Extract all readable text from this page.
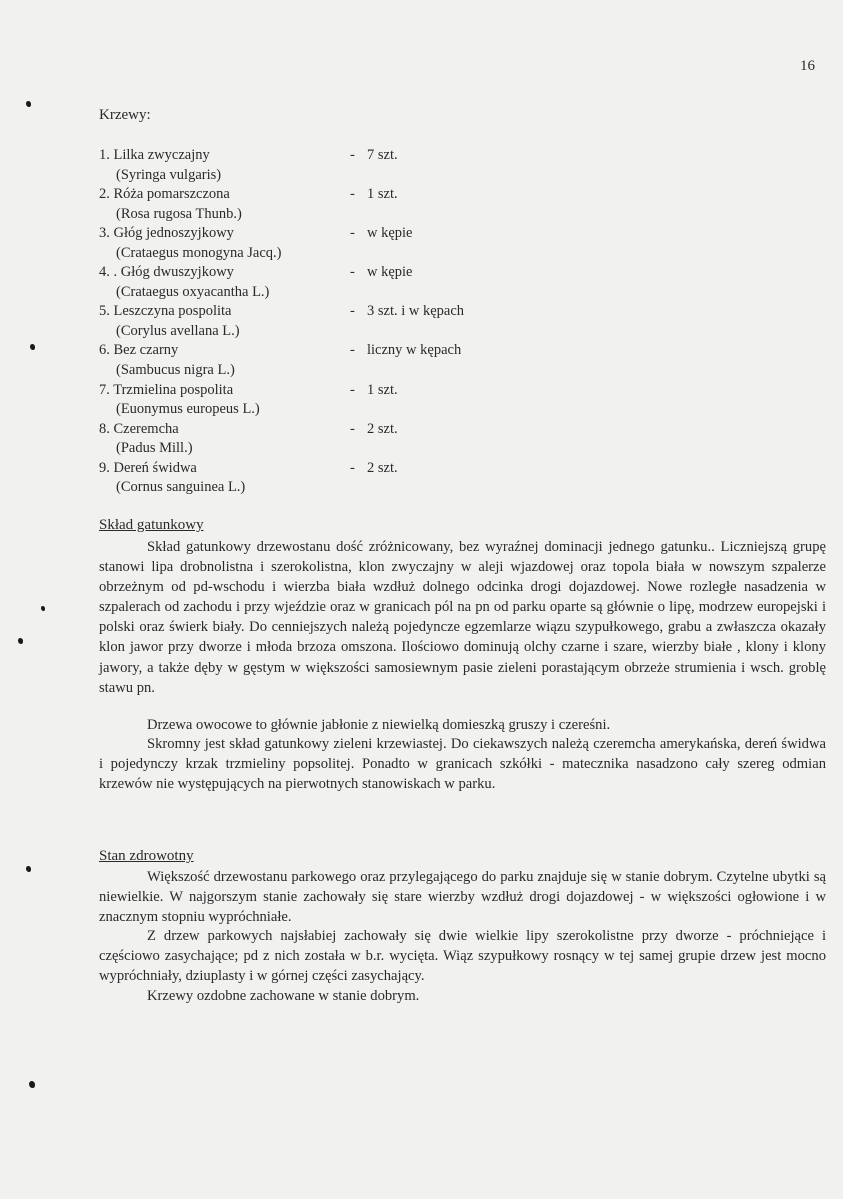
16
Krzewy:
1. Lilka zwyczajny
(Syringa vulgaris)
- 7 szt.
2. Róża pomarszczona
(Rosa rugosa Thunb.)
- 1 szt.
3. Głóg jednoszyjkowy
(Crataegus monogyna Jacq.)
- w kępie
4. . Głóg dwuszyjkowy
(Crataegus oxyacantha L.)
- w kępie
5. Leszczyna pospolita
(Corylus avellana L.)
- 3 szt. i w kępach
6. Bez czarny
(Sambucus nigra L.)
- liczny w kępach
7. Trzmielina pospolita
(Euonymus europeus L.)
- 1 szt.
8. Czeremcha
(Padus Mill.)
- 2 szt.
9. Dereń świdwa
(Cornus sanguinea L.)
- 2 szt.
Skład gatunkowy

Skład gatunkowy drzewostanu dość zróżnicowany, bez wyraźnej dominacji jednego gatunku.. Liczniejszą grupę stanowi lipa drobnolistna i szerokolistna, klon zwyczajny w aleji wjazdowej oraz topola biała w nowszym szpalerze obrzeżnym od pd-wschodu i wierzba biała wzdłuż dolnego odcinka drogi dojazdowej. Nowe rozległe nasadzenia w szpalerach od zachodu i przy wjeździe oraz w granicach pól na pn od parku oparte są głównie o lipę, modrzew europejski i polski oraz świerk biały. Do cenniejszych należą pojedyncze egzemlarze wiązu szypułkowego, grabu a zwłaszcza okazały klon jawor przy dworze i młoda brzoza omszona. Ilościowo dominują olchy czarne i szare, wierzby białe , klony i klony jawory, a także dęby w gęstym w większości samosiewnym pasie zieleni porastającym obrzeże strumienia i wsch. groblę stawu pn.

Drzewa owocowe to głównie jabłonie z niewielką domieszką gruszy i czereśni.

Skromny jest skład gatunkowy zieleni krzewiastej. Do ciekawszych należą czeremcha amerykańska, dereń świdwa i pojedynczy krzak trzmieliny popsolitej. Ponadto w granicach szkółki - matecznika nasadzono cały szereg odmian krzewów nie występujących na pierwotnych stanowiskach w parku.

Stan zdrowotny

Większość drzewostanu parkowego oraz przylegającego do parku znajduje się w stanie dobrym. Czytelne ubytki są niewielkie. W najgorszym stanie zachowały się stare wierzby wzdłuż drogi dojazdowej - w większości ogłowione i w znacznym stopniu wypróchniałe.

Z drzew parkowych najsłabiej zachowały się dwie wielkie lipy szerokolistne przy dworze - próchniejące i częściowo zasychające; pd z nich została w b.r. wycięta. Wiąz szypułkowy rosnący w tej samej grupie drzew jest mocno wypróchniały, dziuplasty i w górnej części zasychający.

Krzewy ozdobne zachowane w stanie dobrym.
